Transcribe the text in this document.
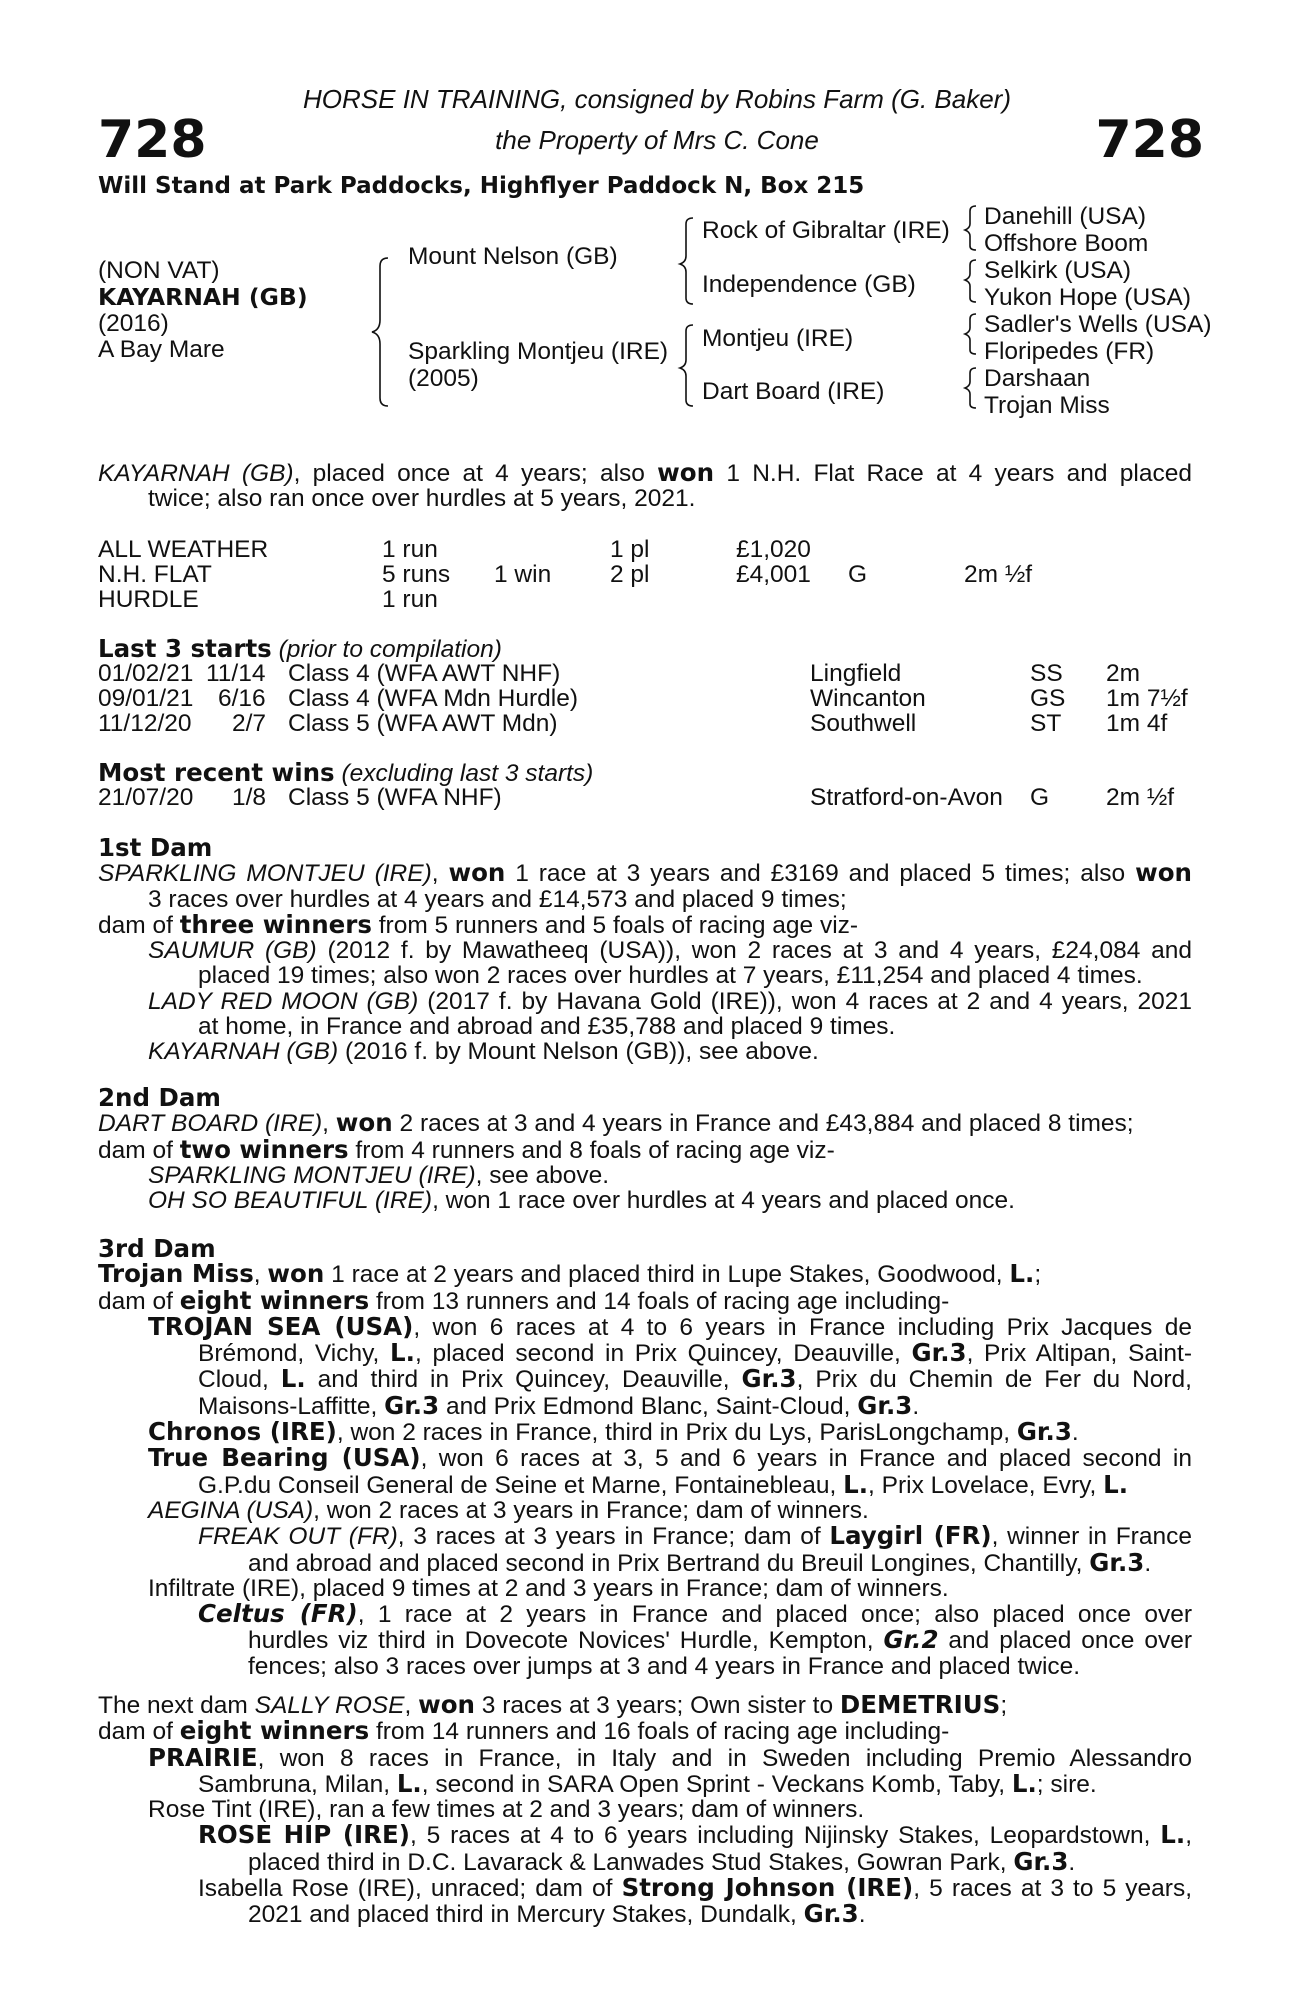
728	728
HORSE IN TRAINING, consigned by Robins Farm (G. Baker)
the Property of Mrs C. Cone
Will Stand at Park Paddocks, Highflyer Paddock N, Box 215
(NON VAT)
KAYARNAH (GB)
(2016)
A Bay Mare
Mount Nelson (GB)
Sparkling Montjeu (IRE)
(2005)
Rock of Gibraltar (IRE)
Independence (GB)
Montjeu (IRE)
Dart Board (IRE)
Danehill (USA)
Offshore Boom
Selkirk (USA)
Yukon Hope (USA)
Sadler's Wells (USA)
Floripedes (FR)
Darshaan
Trojan Miss
KAYARNAH (GB), placed once at 4 years; also won 1 N.H. Flat Race at 4 years and placed
twice; also ran once over hurdles at 5 years, 2021.
ALL WEATHER	1 run	1 pl	£1,020
N.H. FLAT	5 runs 1 win 2 pl	£4,001 G	2m ½f
HURDLE	1 run
Last 3 starts (prior to compilation)
01/02/21 11/14 Class 4 (WFA AWT NHF)	Lingfield	SS 2m
09/01/21 6/16 Class 4 (WFA Mdn Hurdle)	Wincanton	GS 1m 7½f
11/12/20 2/7 Class 5 (WFA AWT Mdn)	Southwell	ST 1m 4f
Most recent wins (excluding last 3 starts)
21/07/20 1/8 Class 5 (WFA NHF)	Stratford-on-Avon G 2m ½f
1st Dam
SPARKLING MONTJEU (IRE), won 1 race at 3 years and £3169 and placed 5 times; also won
3 races over hurdles at 4 years and £14,573 and placed 9 times;
dam of three winners from 5 runners and 5 foals of racing age viz-
SAUMUR (GB) (2012 f. by Mawatheeq (USA)), won 2 races at 3 and 4 years, £24,084 and
placed 19 times; also won 2 races over hurdles at 7 years, £11,254 and placed 4 times.
LADY RED MOON (GB) (2017 f. by Havana Gold (IRE)), won 4 races at 2 and 4 years, 2021
at home, in France and abroad and £35,788 and placed 9 times.
KAYARNAH (GB) (2016 f. by Mount Nelson (GB)), see above.
2nd Dam
DART BOARD (IRE), won 2 races at 3 and 4 years in France and £43,884 and placed 8 times;
dam of two winners from 4 runners and 8 foals of racing age viz-
SPARKLING MONTJEU (IRE), see above.
OH SO BEAUTIFUL (IRE), won 1 race over hurdles at 4 years and placed once.
3rd Dam
Trojan Miss, won 1 race at 2 years and placed third in Lupe Stakes, Goodwood, L.;
dam of eight winners from 13 runners and 14 foals of racing age including-
TROJAN SEA (USA), won 6 races at 4 to 6 years in France including Prix Jacques de
Brémond, Vichy, L., placed second in Prix Quincey, Deauville, Gr.3, Prix Altipan, Saint-
Cloud, L. and third in Prix Quincey, Deauville, Gr.3, Prix du Chemin de Fer du Nord,
Maisons-Laffitte, Gr.3 and Prix Edmond Blanc, Saint-Cloud, Gr.3.
Chronos (IRE), won 2 races in France, third in Prix du Lys, ParisLongchamp, Gr.3.
True Bearing (USA), won 6 races at 3, 5 and 6 years in France and placed second in
G.P.du Conseil General de Seine et Marne, Fontainebleau, L., Prix Lovelace, Evry, L.
AEGINA (USA), won 2 races at 3 years in France; dam of winners.
FREAK OUT (FR), 3 races at 3 years in France; dam of Laygirl (FR), winner in France
and abroad and placed second in Prix Bertrand du Breuil Longines, Chantilly, Gr.3.
Infiltrate (IRE), placed 9 times at 2 and 3 years in France; dam of winners.
Celtus (FR), 1 race at 2 years in France and placed once; also placed once over
hurdles viz third in Dovecote Novices' Hurdle, Kempton, Gr.2 and placed once over
fences; also 3 races over jumps at 3 and 4 years in France and placed twice.
The next dam SALLY ROSE, won 3 races at 3 years; Own sister to DEMETRIUS;
dam of eight winners from 14 runners and 16 foals of racing age including-
PRAIRIE, won 8 races in France, in Italy and in Sweden including Premio Alessandro
Sambruna, Milan, L., second in SARA Open Sprint - Veckans Komb, Taby, L.; sire.
Rose Tint (IRE), ran a few times at 2 and 3 years; dam of winners.
ROSE HIP (IRE), 5 races at 4 to 6 years including Nijinsky Stakes, Leopardstown, L.,
placed third in D.C. Lavarack & Lanwades Stud Stakes, Gowran Park, Gr.3.
Isabella Rose (IRE), unraced; dam of Strong Johnson (IRE), 5 races at 3 to 5 years,
2021 and placed third in Mercury Stakes, Dundalk, Gr.3.
